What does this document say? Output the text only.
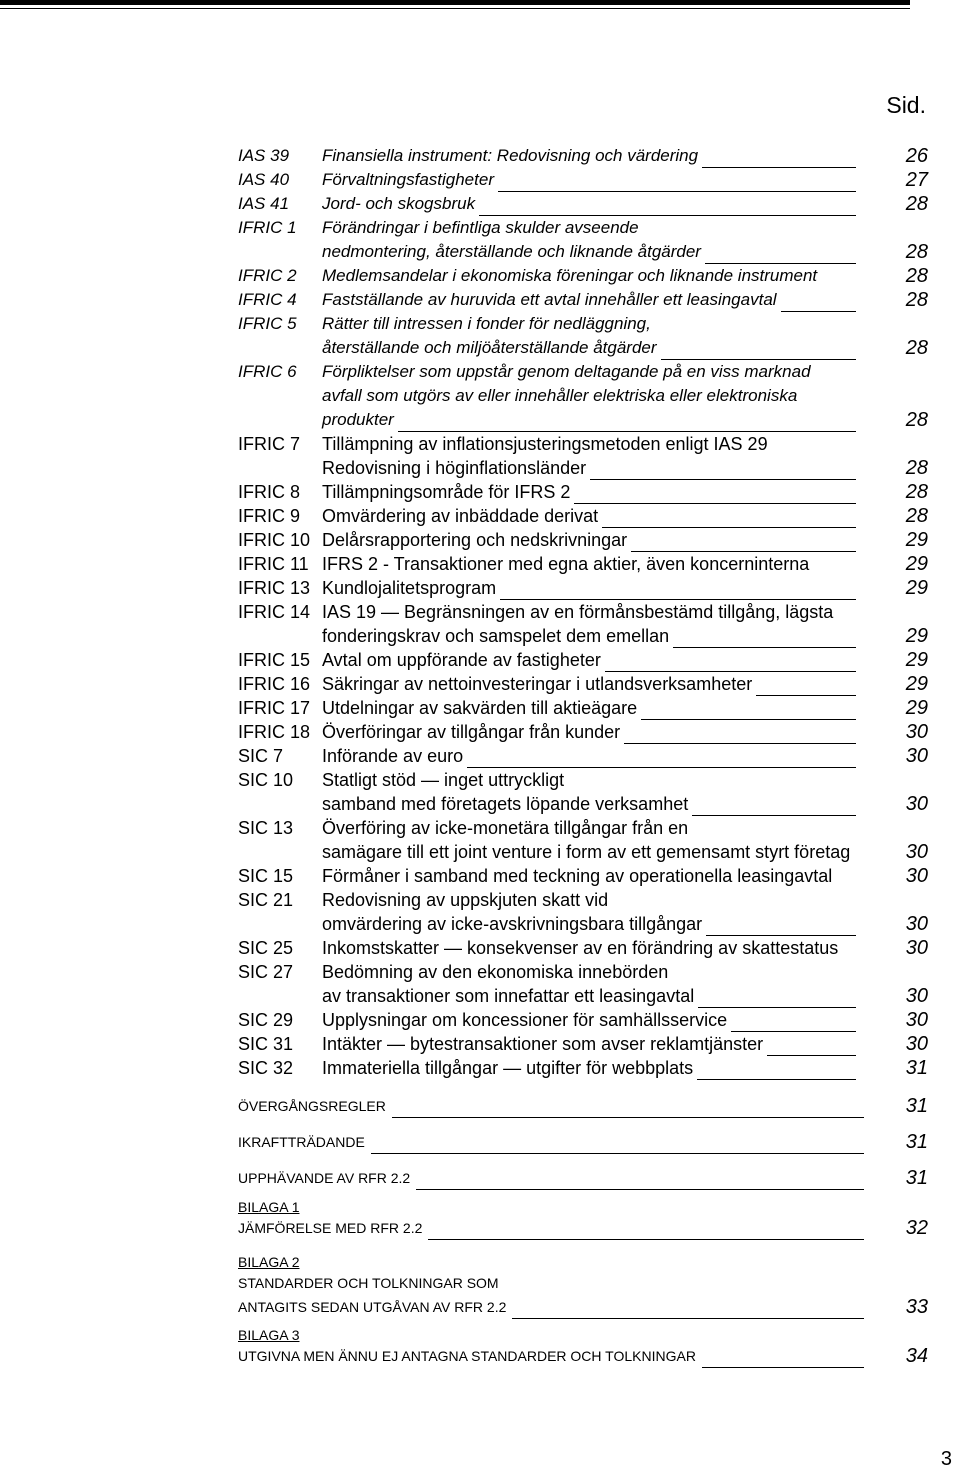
Sid.
IAS 39	Finansiella instrument: Redovisning och värdering	26
IAS 40	Förvaltningsfastigheter	27
IAS 41	Jord- och skogsbruk	28
IFRIC 1	Förändringar i befintliga skulder avseende
nedmontering, återställande och liknande åtgärder	28
IFRIC 2	Medlemsandelar i ekonomiska föreningar och liknande instrument	28
IFRIC 4	Fastställande av huruvida ett avtal innehåller ett leasingavtal	28
IFRIC 5	Rätter till intressen i fonder för nedläggning,
återställande och miljöåterställande åtgärder	28
IFRIC 6	Förpliktelser som uppstår genom deltagande på en viss marknad
avfall som utgörs av eller innehåller elektriska eller elektroniska
produkter	28
IFRIC 7	Tillämpning av inflationsjusteringsmetoden enligt IAS 29
Redovisning i höginflationsländer	28
IFRIC 8	Tillämpningsområde för IFRS 2	28
IFRIC 9	Omvärdering av inbäddade derivat	28
IFRIC 10 Delårsrapportering och nedskrivningar	29
IFRIC 11 IFRS 2 - Transaktioner med egna aktier, även koncerninterna	29
IFRIC 13 Kundlojalitetsprogram	29
IFRIC 14 IAS 19 — Begränsningen av en förmånsbestämd tillgång, lägsta
fonderingskrav och samspelet dem emellan	29
IFRIC 15 Avtal om uppförande av fastigheter	29
IFRIC 16 Säkringar av nettoinvesteringar i utlandsverksamheter	29
IFRIC 17 Utdelningar av sakvärden till aktieägare	29
IFRIC 18 Överföringar av tillgångar från kunder	30
SIC 7	Införande av euro	30
SIC 10	Statligt stöd — inget uttryckligt
samband med företagets löpande verksamhet	30
SIC 13	Överföring av icke-monetära tillgångar från en
samägare till ett joint venture i form av ett gemensamt styrt företag	30
SIC 15	Förmåner i samband med teckning av operationella leasingavtal	30
SIC 21	Redovisning av uppskjuten skatt vid
omvärdering av icke-avskrivningsbara tillgångar	30
SIC 25	Inkomstskatter — konsekvenser av en förändring av skattestatus	30
SIC 27	Bedömning av den ekonomiska innebörden
av transaktioner som innefattar ett leasingavtal	30
SIC 29	Upplysningar om koncessioner för samhällsservice	30
SIC 31	Intäkter — bytestransaktioner som avser reklamtjänster	30
SIC 32	Immateriella tillgångar — utgifter för webbplats	31
ÖVERGÅNGSREGLER	31
IKRAFTTRÄDANDE	31
UPPHÄVANDE AV RFR 2.2	31
BILAGA 1
JÄMFÖRELSE MED RFR 2.2	32
BILAGA 2
STANDARDER OCH TOLKNINGAR SOM
ANTAGITS SEDAN UTGÅVAN AV RFR 2.2	33
BILAGA 3
UTGIVNA MEN ÄNNU EJ ANTAGNA STANDARDER OCH TOLKNINGAR	34
3
